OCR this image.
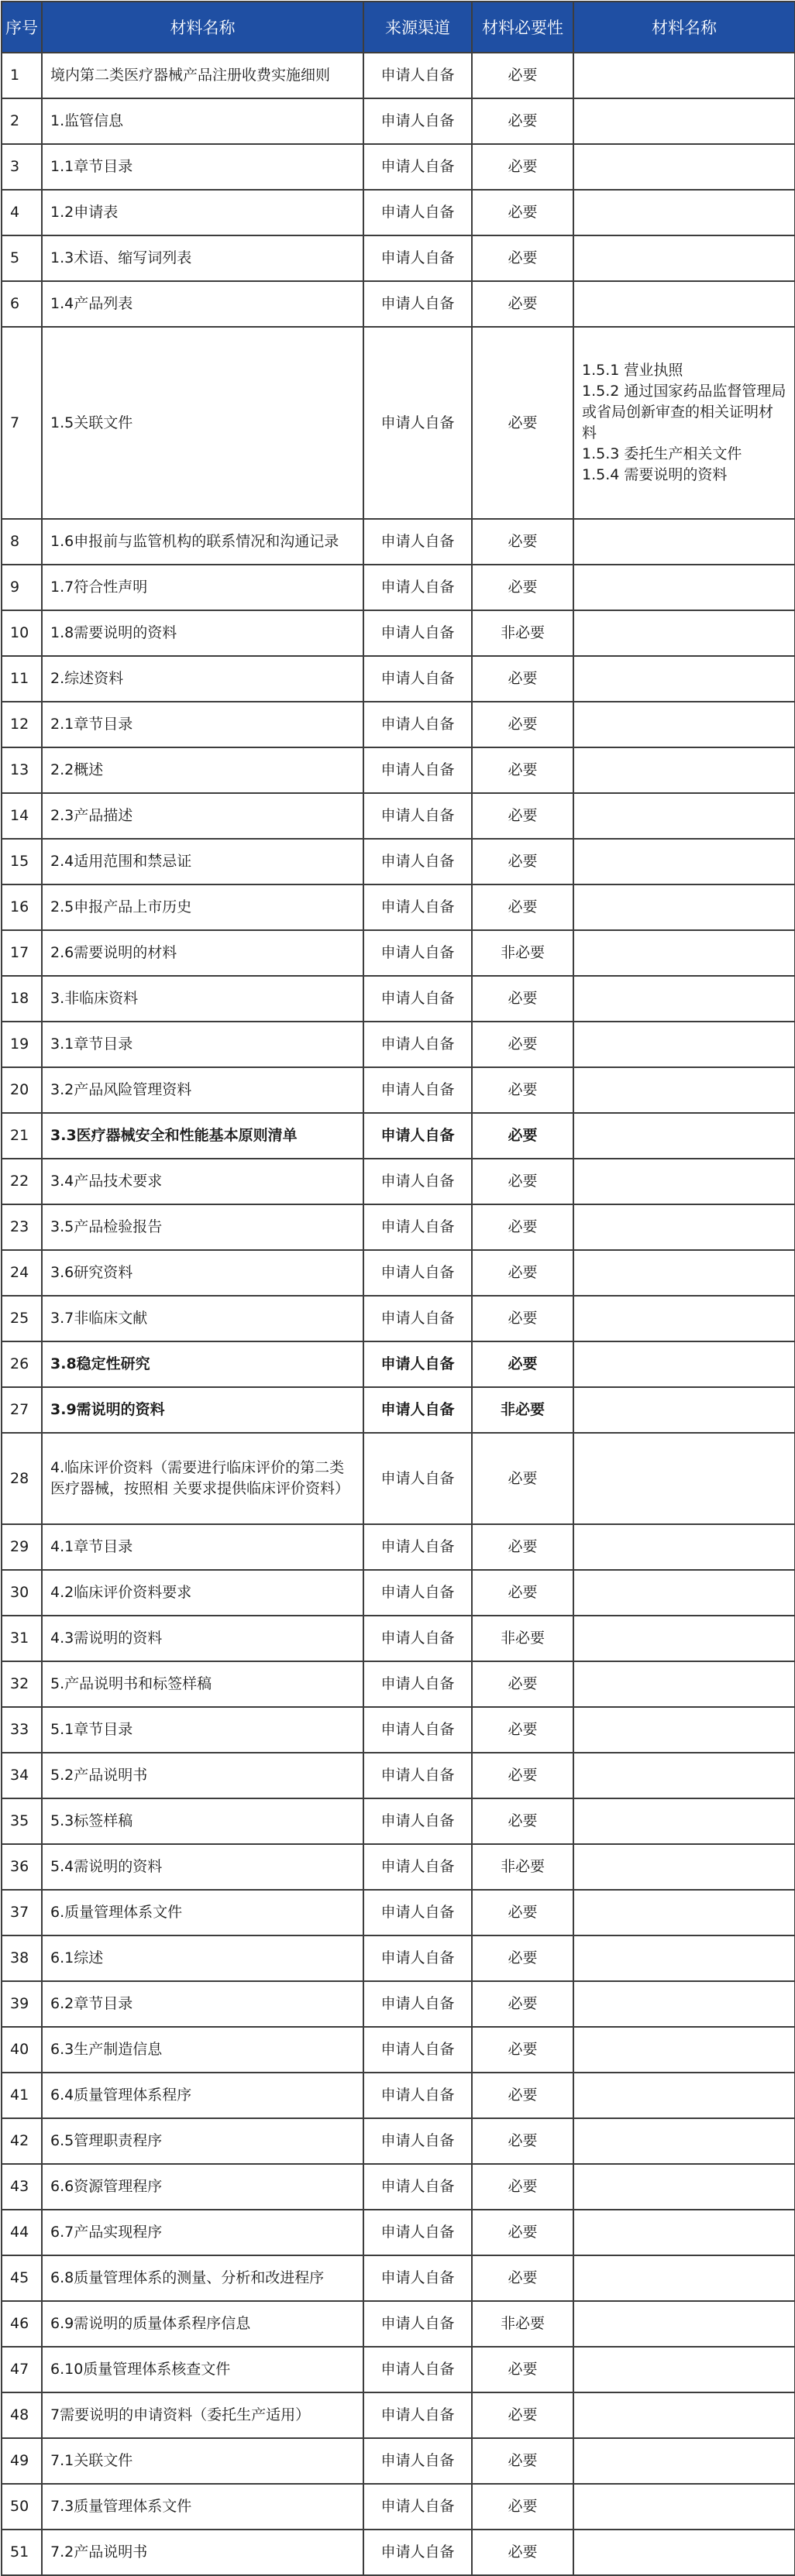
序号	材料名称	来源渠道	材料必要性	材料名称
1	境内第二类医疗器械产品注册收费实施细则	申请人自备	必要	
2	1.监管信息	申请人自备	必要	
3	1.1章节目录	申请人自备	必要	
4	1.2申请表	申请人自备	必要	
5	1.3术语、缩写词列表	申请人自备	必要	
6	1.4产品列表	申请人自备	必要	
7	1.5关联文件	申请人自备	必要	1.5.1 营业执照
1.5.2 通过国家药品监督管理局或省局创新审查的相关证明材料
1.5.3 委托生产相关文件
1.5.4 需要说明的资料

8	1.6申报前与监管机构的联系情况和沟通记录	申请人自备	必要	
9	1.7符合性声明	申请人自备	必要	
10	1.8需要说明的资料	申请人自备	非必要	
11	2.综述资料	申请人自备	必要	
12	2.1章节目录	申请人自备	必要	
13	2.2概述	申请人自备	必要	
14	2.3产品描述	申请人自备	必要	
15	2.4适用范围和禁忌证	申请人自备	必要	
16	2.5申报产品上市历史	申请人自备	必要	
17	2.6需要说明的材料	申请人自备	非必要	
18	3.非临床资料	申请人自备	必要	
19	3.1章节目录	申请人自备	必要	
20	3.2产品风险管理资料	申请人自备	必要	
21	3.3医疗器械安全和性能基本原则清单	申请人自备	必要	
22	3.4产品技术要求	申请人自备	必要	
23	3.5产品检验报告	申请人自备	必要	
24	3.6研究资料	申请人自备	必要	
25	3.7非临床文献	申请人自备	必要	
26	3.8稳定性研究	申请人自备	必要	
27	3.9需说明的资料	申请人自备	非必要	
28	4.临床评价资料（需要进行临床评价的第二类医疗器械，按照相 关要求提供临床评价资料）	申请人自备	必要	
29	4.1章节目录	申请人自备	必要	
30	4.2临床评价资料要求	申请人自备	必要	
31	4.3需说明的资料	申请人自备	非必要	
32	5.产品说明书和标签样稿	申请人自备	必要	
33	5.1章节目录	申请人自备	必要	
34	5.2产品说明书	申请人自备	必要	
35	5.3标签样稿	申请人自备	必要	
36	5.4需说明的资料	申请人自备	非必要	
37	6.质量管理体系文件	申请人自备	必要	
38	6.1综述	申请人自备	必要	
39	6.2章节目录	申请人自备	必要	
40	6.3生产制造信息	申请人自备	必要	
41	6.4质量管理体系程序	申请人自备	必要	
42	6.5管理职责程序	申请人自备	必要	
43	6.6资源管理程序	申请人自备	必要	
44	6.7产品实现程序	申请人自备	必要	
45	6.8质量管理体系的测量、分析和改进程序	申请人自备	必要	
46	6.9需说明的质量体系程序信息	申请人自备	非必要	
47	6.10质量管理体系核查文件	申请人自备	必要	
48	7需要说明的申请资料（委托生产适用）	申请人自备	必要	
49	7.1关联文件	申请人自备	必要	
50	7.3质量管理体系文件	申请人自备	必要	
51	7.2产品说明书	申请人自备	必要	
